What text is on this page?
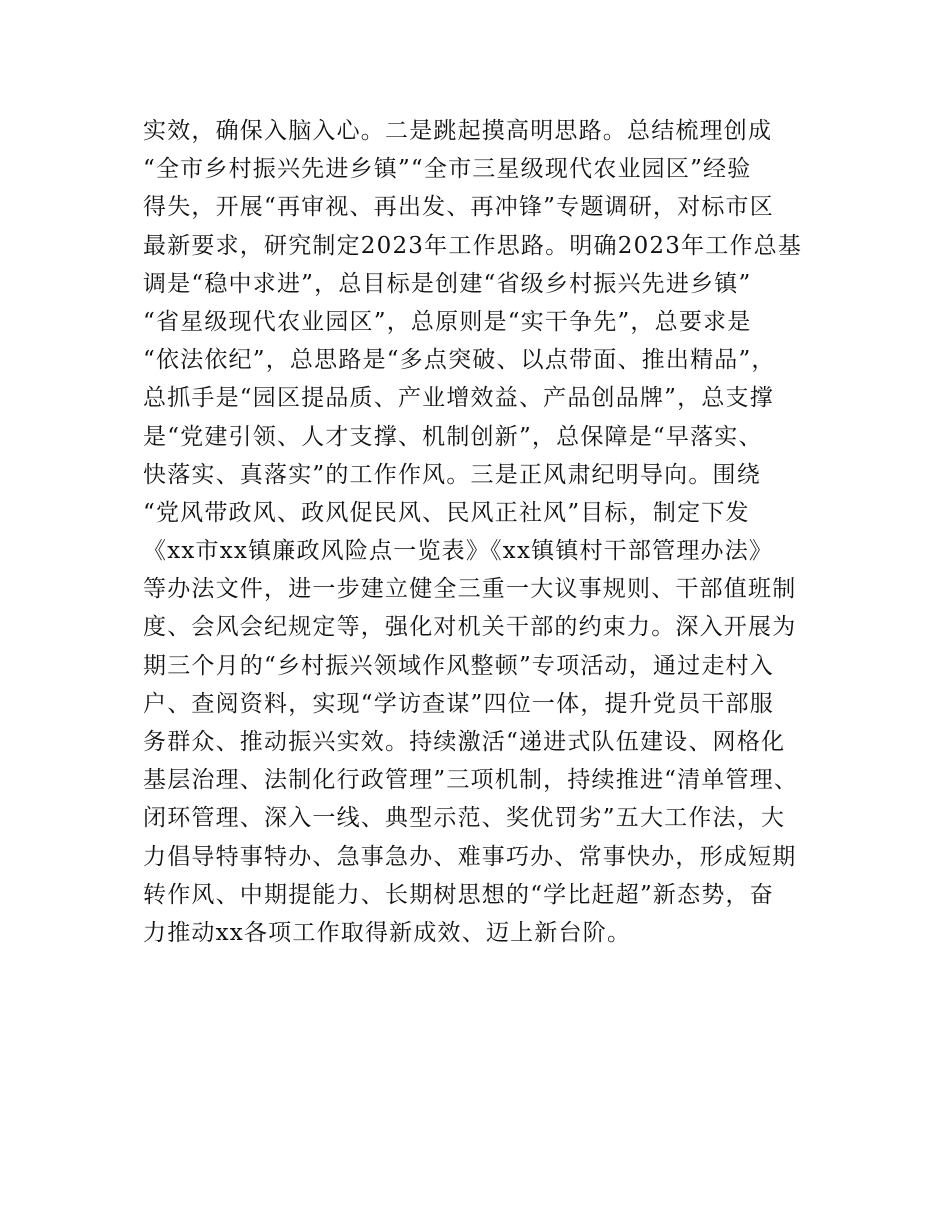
实效，确保入脑入心。二是跳起摸高明思路。总结梳理创成
“全市乡村振兴先进乡镇”“全市三星级现代农业园区”经验
得失，开展“再审视、再出发、再冲锋”专题调研，对标市区
最新要求，研究制定2023年工作思路。明确2023年工作总基
调是“稳中求进”，总目标是创建“省级乡村振兴先进乡镇”
“省星级现代农业园区”，总原则是“实干争先”，总要求是
“依法依纪”，总思路是“多点突破、以点带面、推出精品”，
总抓手是“园区提品质、产业增效益、产品创品牌”，总支撑
是“党建引领、人才支撑、机制创新”，总保障是“早落实、
快落实、真落实”的工作作风。三是正风肃纪明导向。围绕
“党风带政风、政风促民风、民风正社风”目标，制定下发
《xx市xx镇廉政风险点一览表》《xx镇镇村干部管理办法》
等办法文件，进一步建立健全三重一大议事规则、干部值班制
度、会风会纪规定等，强化对机关干部的约束力。深入开展为
期三个月的“乡村振兴领域作风整顿”专项活动，通过走村入
户、查阅资料，实现“学访查谋”四位一体，提升党员干部服
务群众、推动振兴实效。持续激活“递进式队伍建设、网格化
基层治理、法制化行政管理”三项机制，持续推进“清单管理、
闭环管理、深入一线、典型示范、奖优罚劣”五大工作法，大
力倡导特事特办、急事急办、难事巧办、常事快办，形成短期
转作风、中期提能力、长期树思想的“学比赶超”新态势，奋
力推动xx各项工作取得新成效、迈上新台阶。
